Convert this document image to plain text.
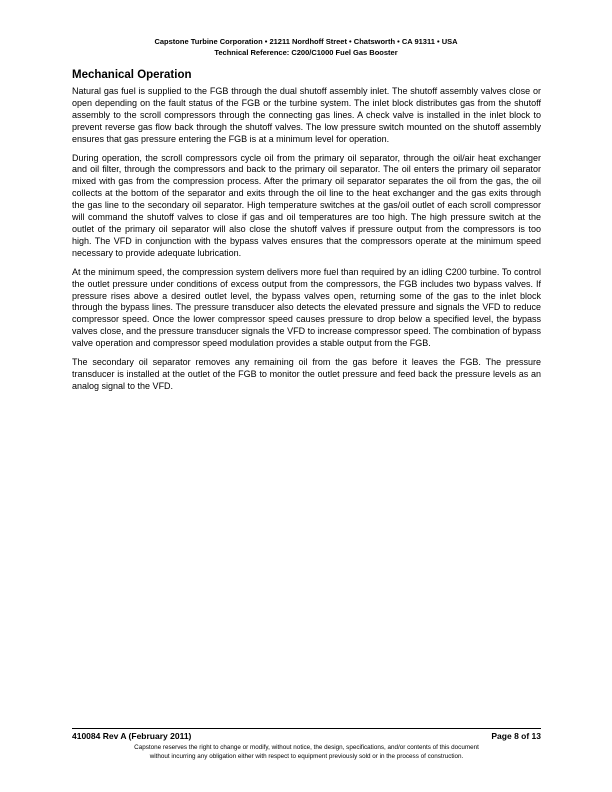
Capstone Turbine Corporation • 21211 Nordhoff Street • Chatsworth • CA 91311 • USA
Technical Reference: C200/C1000 Fuel Gas Booster
Mechanical Operation

Natural gas fuel is supplied to the FGB through the dual shutoff assembly inlet. The shutoff assembly valves close or open depending on the fault status of the FGB or the turbine system. The inlet block distributes gas from the shutoff assembly to the scroll compressors through the connecting gas lines. A check valve is installed in the inlet block to prevent reverse gas flow back through the shutoff valves. The low pressure switch mounted on the shutoff assembly ensures that gas pressure entering the FGB is at a minimum level for operation.

During operation, the scroll compressors cycle oil from the primary oil separator, through the oil/air heat exchanger and oil filter, through the compressors and back to the primary oil separator. The oil enters the primary oil separator mixed with gas from the compression process. After the primary oil separator separates the oil from the gas, the oil collects at the bottom of the separator and exits through the oil line to the heat exchanger and the gas exits through the gas line to the secondary oil separator. High temperature switches at the gas/oil outlet of each scroll compressor will command the shutoff valves to close if gas and oil temperatures are too high. The high pressure switch at the outlet of the primary oil separator will also close the shutoff valves if pressure output from the compressors is too high. The VFD in conjunction with the bypass valves ensures that the compressors operate at the minimum speed necessary to provide adequate lubrication.

At the minimum speed, the compression system delivers more fuel than required by an idling C200 turbine. To control the outlet pressure under conditions of excess output from the compressors, the FGB includes two bypass valves. If pressure rises above a desired outlet level, the bypass valves open, returning some of the gas to the inlet block through the bypass lines. The pressure transducer also detects the elevated pressure and signals the VFD to reduce compressor speed. Once the lower compressor speed causes pressure to drop below a specified level, the bypass valves close, and the pressure transducer signals the VFD to increase compressor speed. The combination of bypass valve operation and compressor speed modulation provides a stable output from the FGB.

The secondary oil separator removes any remaining oil from the gas before it leaves the FGB. The pressure transducer is installed at the outlet of the FGB to monitor the outlet pressure and feed back the pressure levels as an analog signal to the VFD.

410084 Rev A (February 2011)	Page 8 of 13
Capstone reserves the right to change or modify, without notice, the design, specifications, and/or contents of this document
without incurring any obligation either with respect to equipment previously sold or in the process of construction.
